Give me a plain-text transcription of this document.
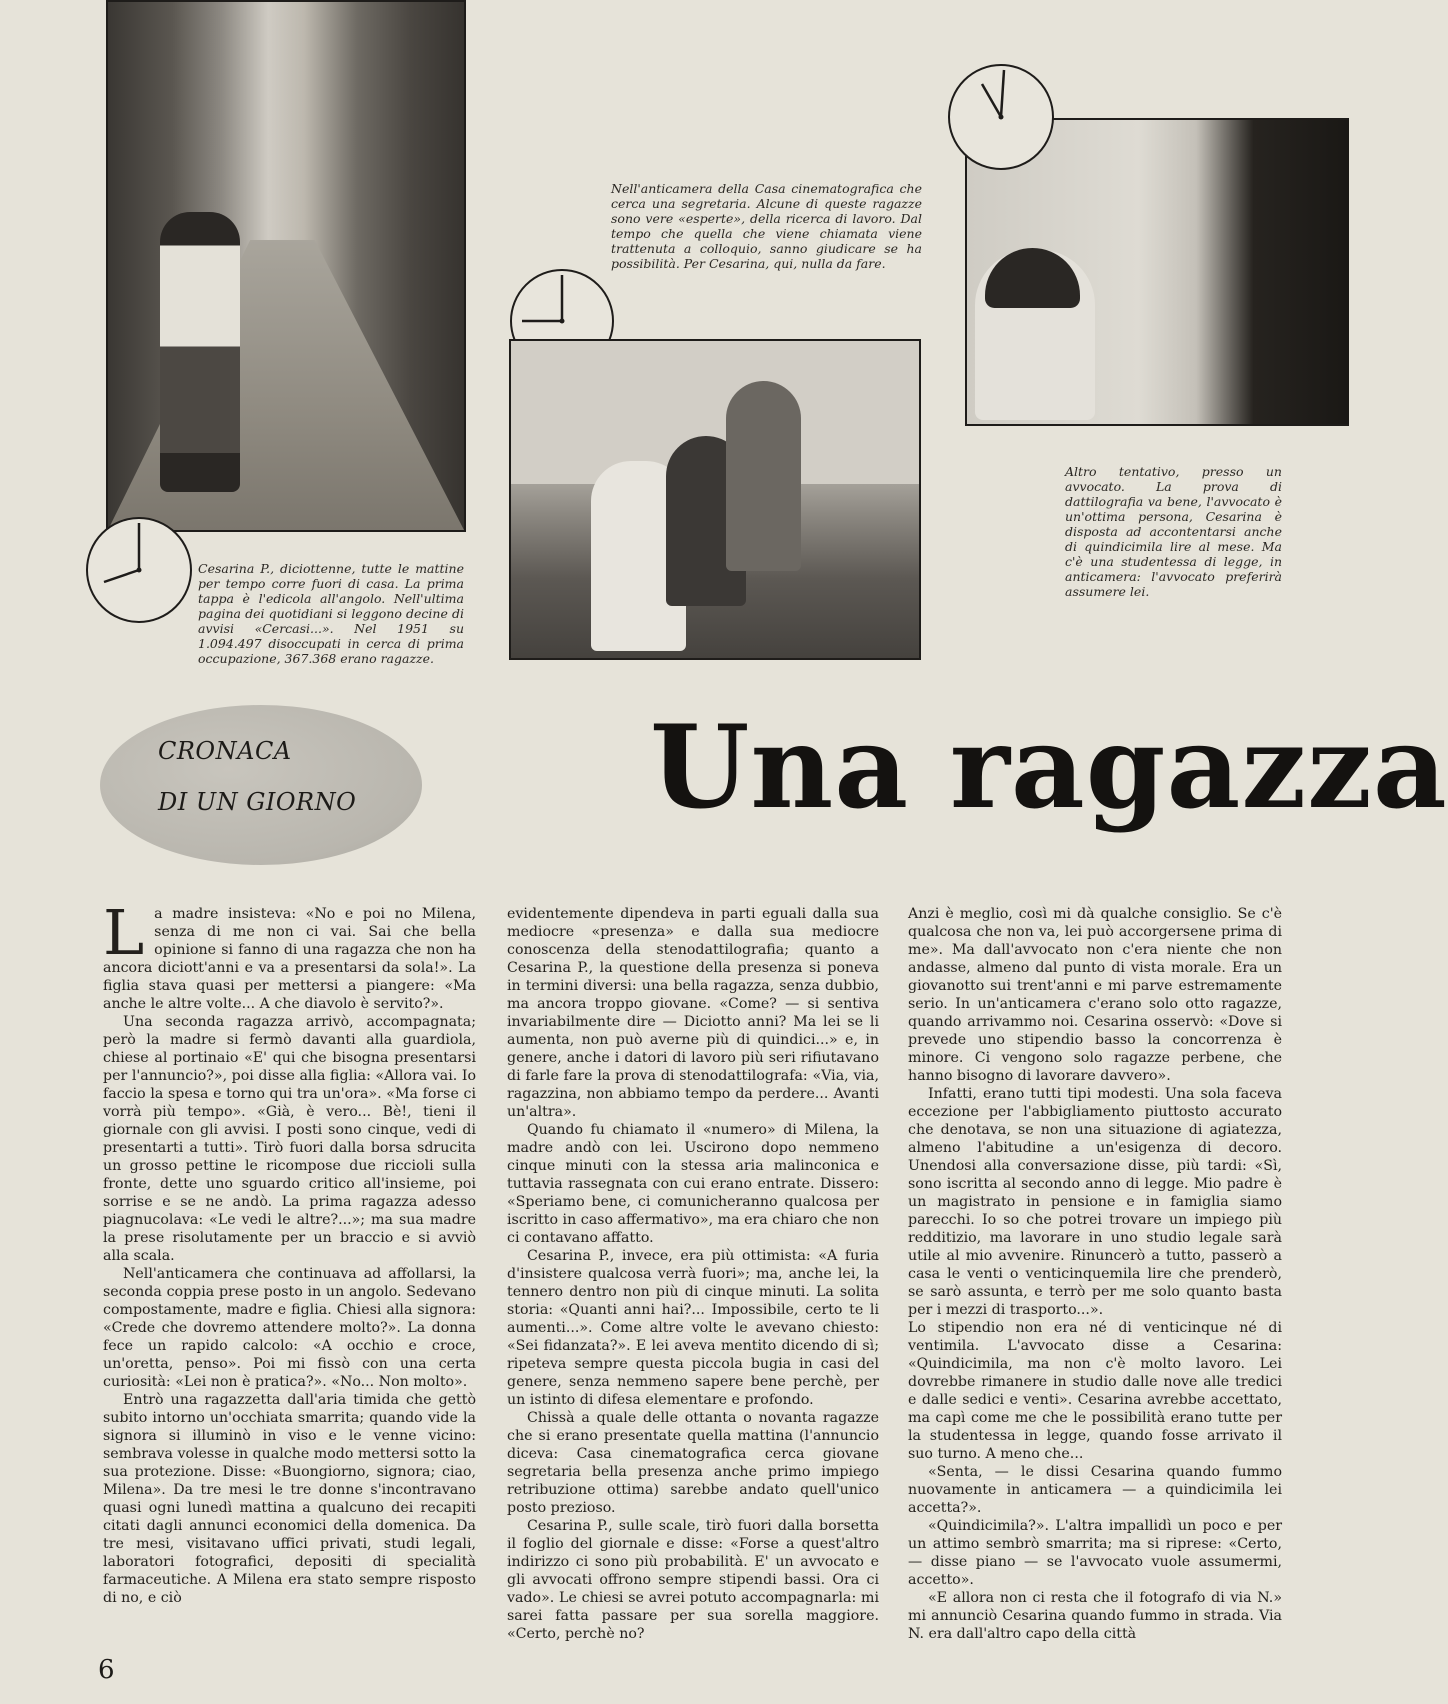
Cesarina P., diciottenne, tutte le mattine per tempo corre fuori di casa. La prima tappa è l'edicola all'angolo. Nell'ultima pagina dei quotidiani si leggono decine di avvisi «Cercasi...». Nel 1951 su 1.094.497 disoccupati in cerca di prima occupazione, 367.368 erano ragazze.

Nell'anticamera della Casa cinematografica che cerca una segretaria. Alcune di queste ragazze sono vere «esperte», della ricerca di lavoro. Dal tempo che quella che viene chiamata viene trattenuta a colloquio, sanno giudicare se ha possibilità. Per Cesarina, qui, nulla da fare.

Altro tentativo, presso un avvocato. La prova di dattilografia va bene, l'avvocato è un'ottima persona, Cesarina è disposta ad accontentarsi anche di quindicimila lire al mese. Ma c'è una studentessa di legge, in anticamera: l'avvocato preferirà assumere lei.

CRONACA
DI UN GIORNO	Una ragazza

La madre insisteva: «No e poi no Milena, senza di me non ci vai. Sai che bella opinione si fanno di una ragazza che non ha ancora diciott'anni e va a presentarsi da sola!». La figlia stava quasi per mettersi a piangere: «Ma anche le altre volte... A che diavolo è servito?».

Una seconda ragazza arrivò, accompagnata; però la madre si fermò davanti alla guardiola, chiese al portinaio «E' qui che bisogna presentarsi per l'annuncio?», poi disse alla figlia: «Allora vai. Io faccio la spesa e torno qui tra un'ora». «Ma forse ci vorrà più tempo». «Già, è vero... Bè!, tieni il giornale con gli avvisi. I posti sono cinque, vedi di presentarti a tutti». Tirò fuori dalla borsa sdrucita un grosso pettine le ricompose due riccioli sulla fronte, dette uno sguardo critico all'insieme, poi sorrise e se ne andò. La prima ragazza adesso piagnucolava: «Le vedi le altre?...»; ma sua madre la prese risolutamente per un braccio e si avviò alla scala.

Nell'anticamera che continuava ad affollarsi, la seconda coppia prese posto in un angolo. Sedevano compostamente, madre e figlia. Chiesi alla signora: «Crede che dovremo attendere molto?». La donna fece un rapido calcolo: «A occhio e croce, un'oretta, penso». Poi mi fissò con una certa curiosità: «Lei non è pratica?». «No... Non molto».

Entrò una ragazzetta dall'aria timida che gettò subito intorno un'occhiata smarrita; quando vide la signora si illuminò in viso e le venne vicino: sembrava volesse in qualche modo mettersi sotto la sua protezione. Disse: «Buongiorno, signora; ciao, Milena». Da tre mesi le tre donne s'incontravano quasi ogni lunedì mattina a qualcuno dei recapiti citati dagli annunci economici della domenica. Da tre mesi, visitavano uffici privati, studi legali, laboratori fotografici, depositi di specialità farmaceutiche. A Milena era stato sempre risposto di no, e ciò

evidentemente dipendeva in parti eguali dalla sua mediocre «presenza» e dalla sua mediocre conoscenza della stenodattilografia; quanto a Cesarina P., la questione della presenza si poneva in termini diversi: una bella ragazza, senza dubbio, ma ancora troppo giovane. «Come? — si sentiva invariabilmente dire — Diciotto anni? Ma lei se li aumenta, non può averne più di quindici...» e, in genere, anche i datori di lavoro più seri rifiutavano di farle fare la prova di stenodattilografa: «Via, via, ragazzina, non abbiamo tempo da perdere... Avanti un'altra».

Quando fu chiamato il «numero» di Milena, la madre andò con lei. Uscirono dopo nemmeno cinque minuti con la stessa aria malinconica e tuttavia rassegnata con cui erano entrate. Dissero: «Speriamo bene, ci comunicheranno qualcosa per iscritto in caso affermativo», ma era chiaro che non ci contavano affatto.

Cesarina P., invece, era più ottimista: «A furia d'insistere qualcosa verrà fuori»; ma, anche lei, la tennero dentro non più di cinque minuti. La solita storia: «Quanti anni hai?... Impossibile, certo te li aumenti...». Come altre volte le avevano chiesto: «Sei fidanzata?». E lei aveva mentito dicendo di sì; ripeteva sempre questa piccola bugia in casi del genere, senza nemmeno sapere bene perchè, per un istinto di difesa elementare e profondo.

Chissà a quale delle ottanta o novanta ragazze che si erano presentate quella mattina (l'annuncio diceva: Casa cinematografica cerca giovane segretaria bella presenza anche primo impiego retribuzione ottima) sarebbe andato quell'unico posto prezioso.

Cesarina P., sulle scale, tirò fuori dalla borsetta il foglio del giornale e disse: «Forse a quest'altro indirizzo ci sono più probabilità. E' un avvocato e gli avvocati offrono sempre stipendi bassi. Ora ci vado». Le chiesi se avrei potuto accompagnarla: mi sarei fatta passare per sua sorella maggiore. «Certo, perchè no?

Anzi è meglio, così mi dà qualche consiglio. Se c'è qualcosa che non va, lei può accorgersene prima di me». Ma dall'avvocato non c'era niente che non andasse, almeno dal punto di vista morale. Era un giovanotto sui trent'anni e mi parve estremamente serio. In un'anticamera c'erano solo otto ragazze, quando arrivammo noi. Cesarina osservò: «Dove si prevede uno stipendio basso la concorrenza è minore. Ci vengono solo ragazze perbene, che hanno bisogno di lavorare davvero».

Infatti, erano tutti tipi modesti. Una sola faceva eccezione per l'abbigliamento piuttosto accurato che denotava, se non una situazione di agiatezza, almeno l'abitudine a un'esigenza di decoro. Unendosi alla conversazione disse, più tardi: «Sì, sono iscritta al secondo anno di legge. Mio padre è un magistrato in pensione e in famiglia siamo parecchi. Io so che potrei trovare un impiego più redditizio, ma lavorare in uno studio legale sarà utile al mio avvenire. Rinuncerò a tutto, passerò a casa le venti o venticinquemila lire che prenderò, se sarò assunta, e terrò per me solo quanto basta per i mezzi di trasporto...».

Lo stipendio non era né di venticinque né di ventimila. L'avvocato disse a Cesarina: «Quindicimila, ma non c'è molto lavoro. Lei dovrebbe rimanere in studio dalle nove alle tredici e dalle sedici e venti». Cesarina avrebbe accettato, ma capì come me che le possibilità erano tutte per la studentessa in legge, quando fosse arrivato il suo turno. A meno che...

«Senta, — le dissi Cesarina quando fummo nuovamente in anticamera — a quindicimila lei accetta?».

«Quindicimila?». L'altra impallidì un poco e per un attimo sembrò smarrita; ma si riprese: «Certo, — disse piano — se l'avvocato vuole assumermi, accetto».

«E allora non ci resta che il fotografo di via N.» mi annunciò Cesarina quando fummo in strada. Via N. era dall'altro capo della città

6
